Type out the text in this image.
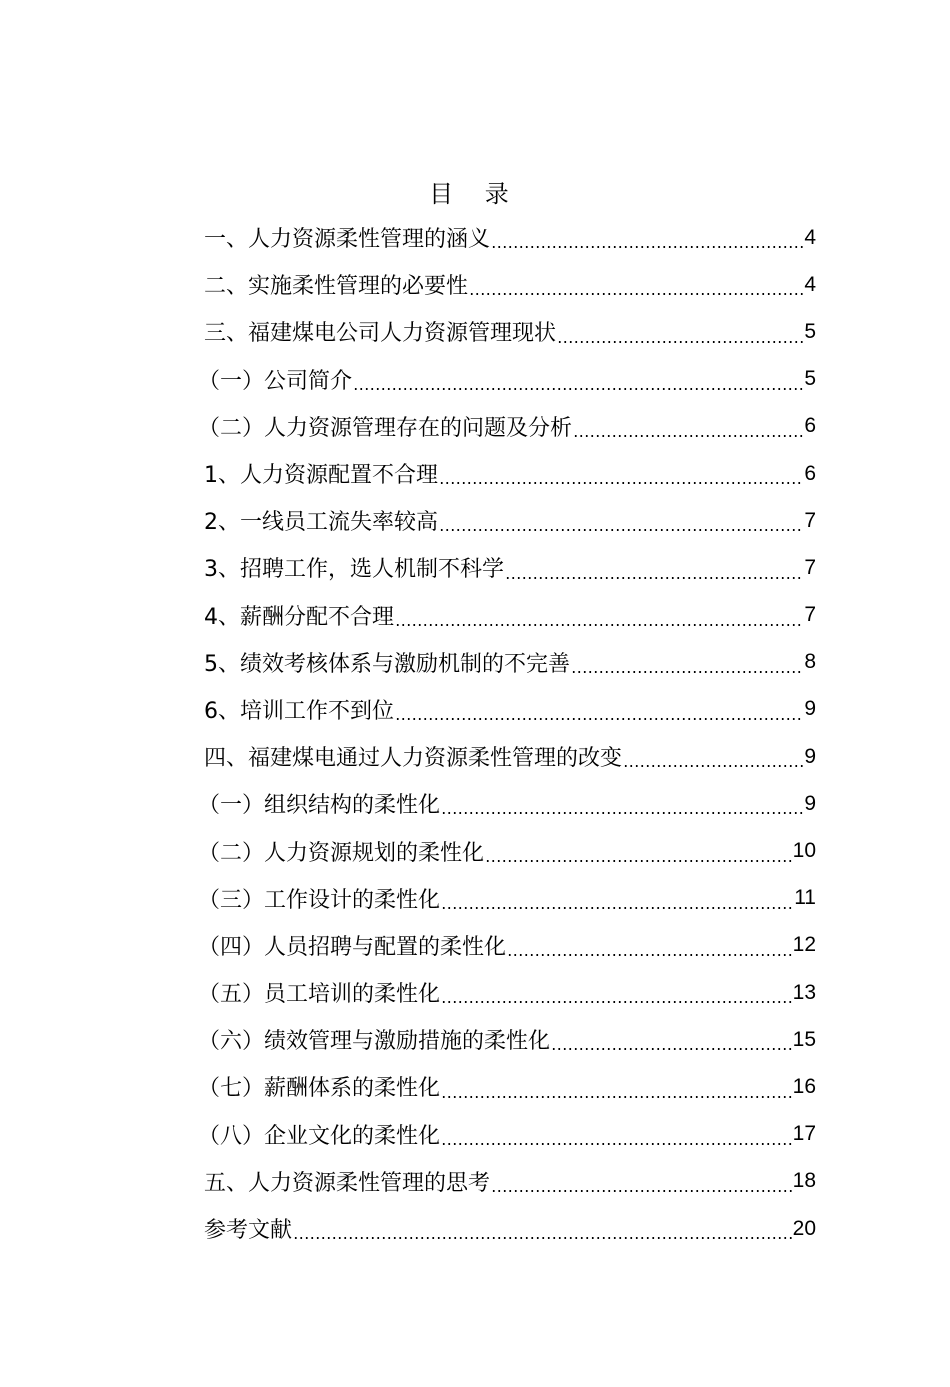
目 录
一、人力资源柔性管理的涵义	4
二、实施柔性管理的必要性	4
三、福建煤电公司人力资源管理现状	5
（一）公司简介	5
（二）人力资源管理存在的问题及分析	6
1、人力资源配置不合理	6
2、一线员工流失率较高	7
3、招聘工作，选人机制不科学	7
4、薪酬分配不合理	7
5、绩效考核体系与激励机制的不完善	8
6、培训工作不到位	9
四、福建煤电通过人力资源柔性管理的改变	9
（一）组织结构的柔性化	9
（二）人力资源规划的柔性化	10
（三）工作设计的柔性化	11
（四）人员招聘与配置的柔性化	12
（五）员工培训的柔性化	13
（六）绩效管理与激励措施的柔性化	15
（七）薪酬体系的柔性化	16
（八）企业文化的柔性化	17
五、人力资源柔性管理的思考	18
参考文献	20
